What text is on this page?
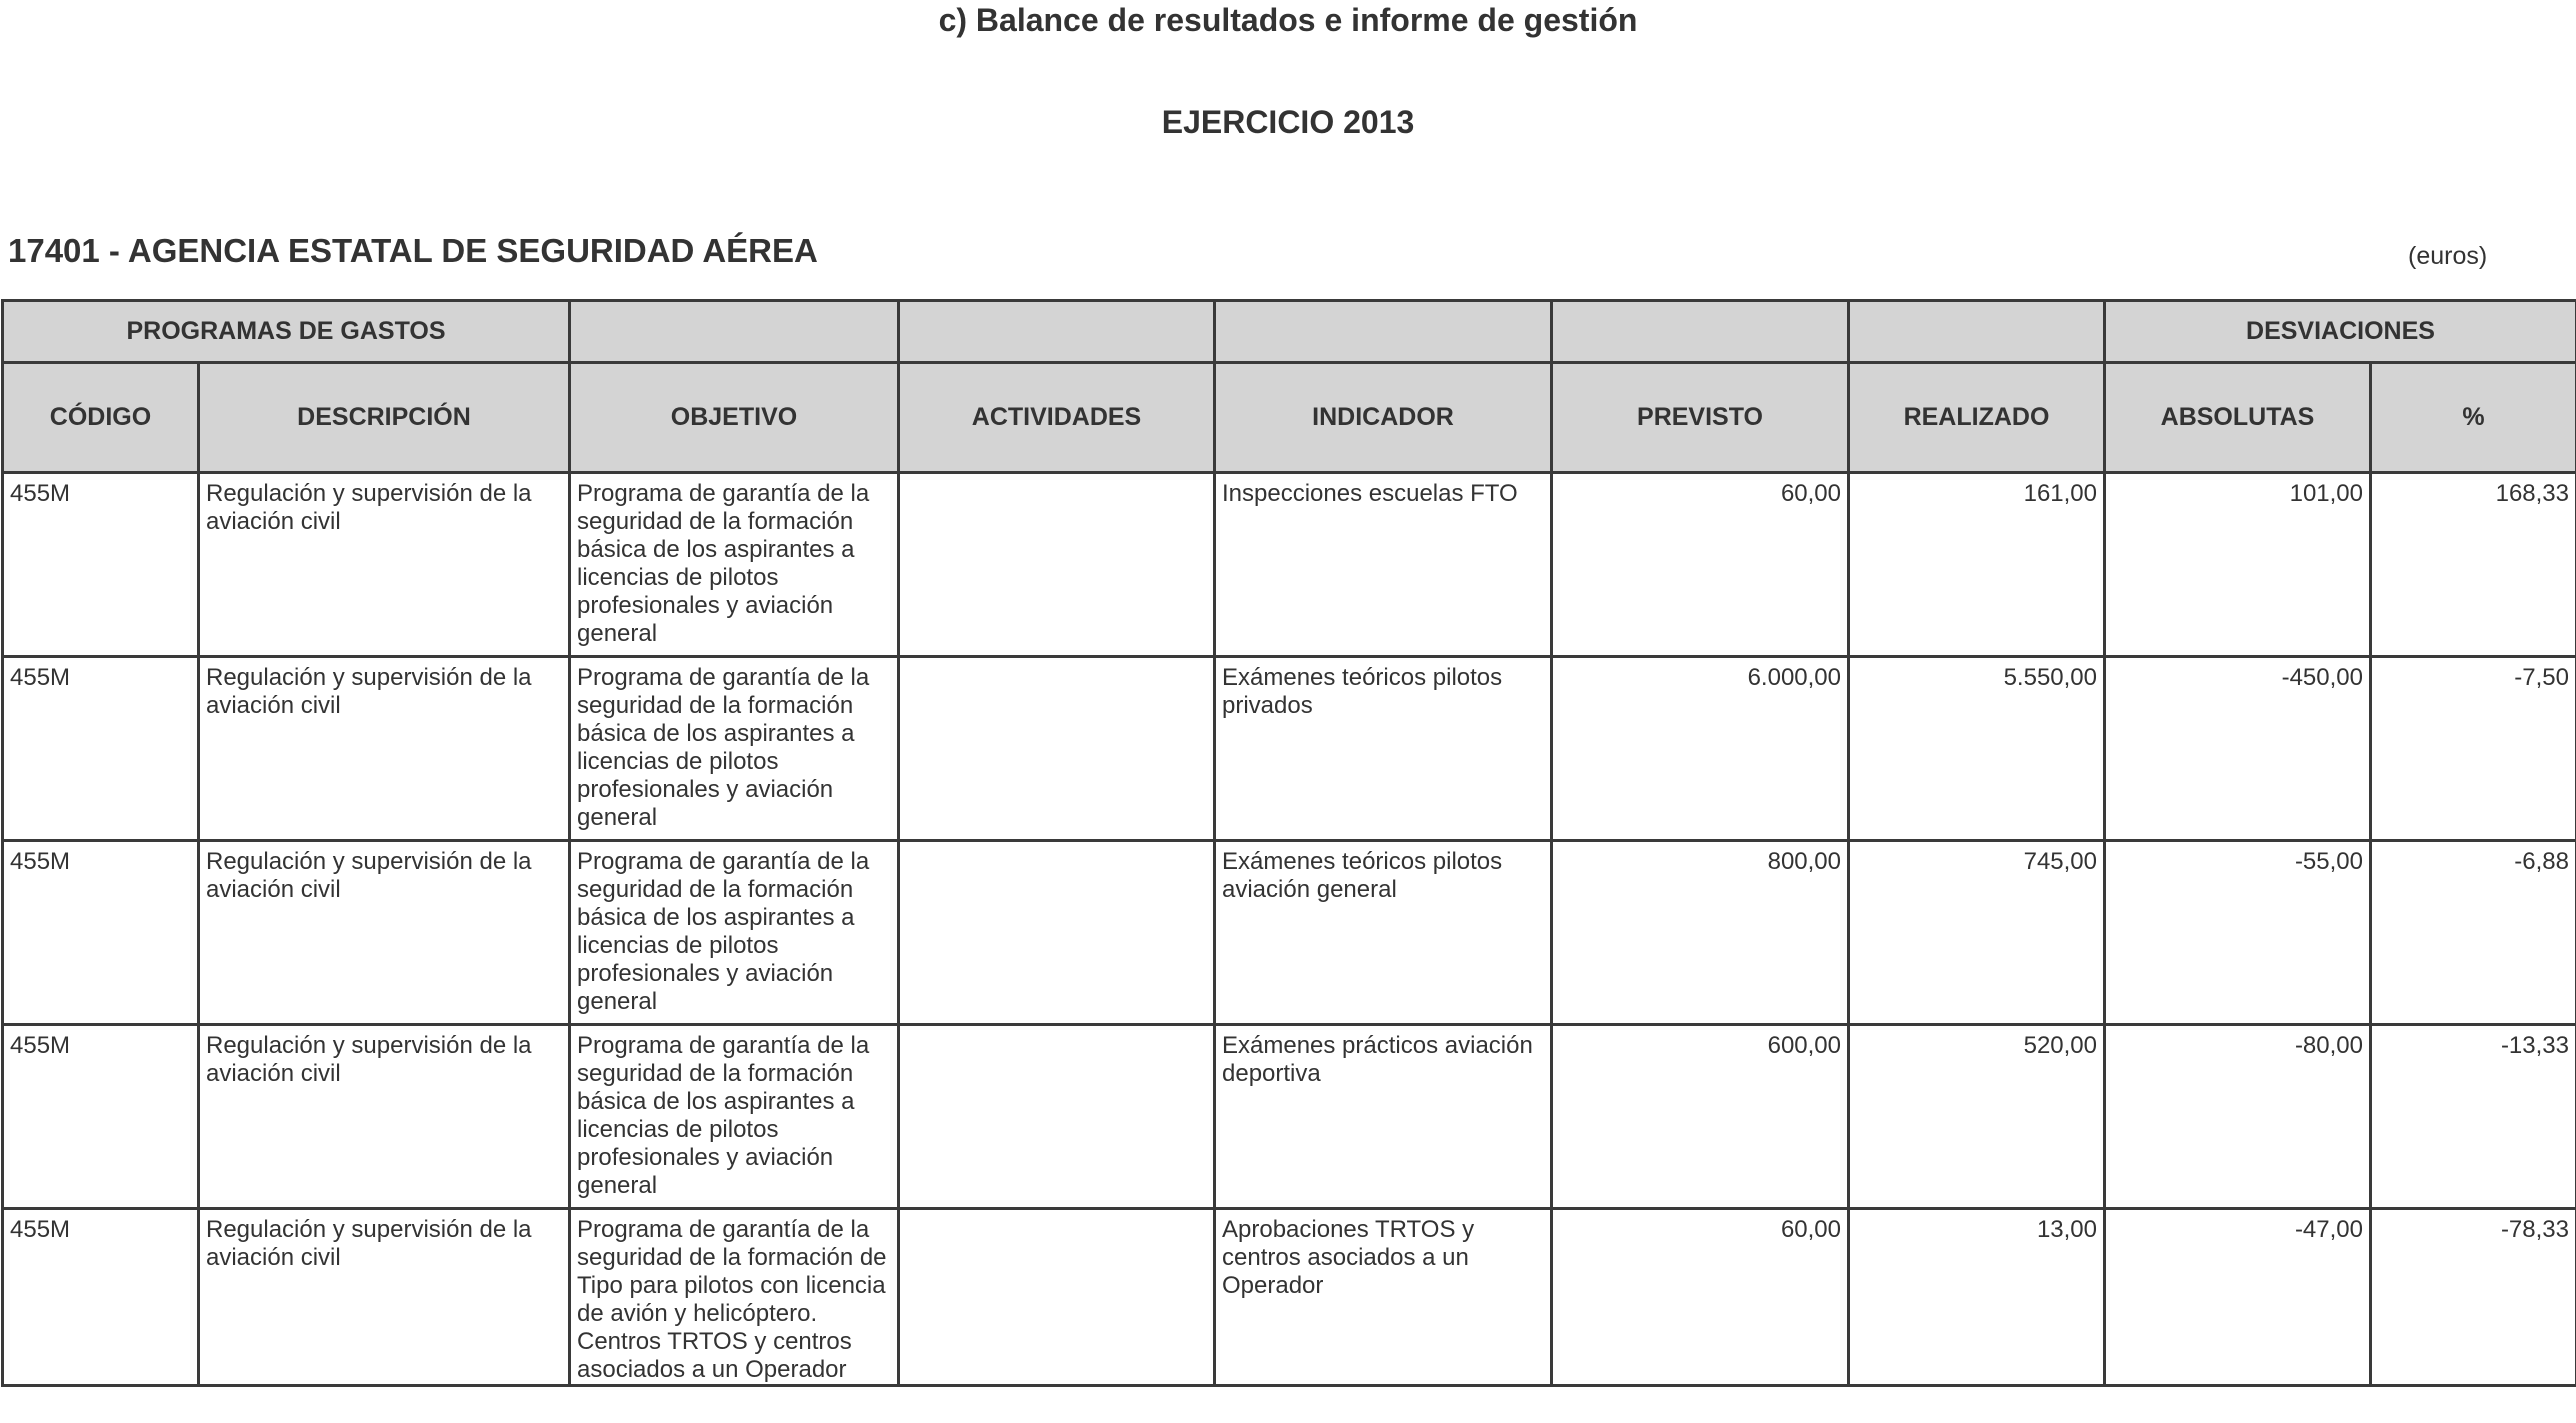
c) Balance de resultados e informe de gestión
EJERCICIO 2013
17401 - AGENCIA ESTATAL DE SEGURIDAD AÉREA	(euros)
PROGRAMAS DE GASTOS							DESVIACIONES	
CÓDIGO	DESCRIPCIÓN	OBJETIVO	ACTIVIDADES	INDICADOR	PREVISTO	REALIZADO	ABSOLUTAS	%
455M	Regulación y supervisión de la aviación civil	Programa de garantía de la seguridad de la formación básica de los aspirantes a licencias de pilotos profesionales y aviación general		Inspecciones escuelas FTO	60,00	161,00	101,00	168,33
455M	Regulación y supervisión de la aviación civil	Programa de garantía de la seguridad de la formación básica de los aspirantes a licencias de pilotos profesionales y aviación general		Exámenes teóricos pilotos privados	6.000,00	5.550,00	-450,00	-7,50
455M	Regulación y supervisión de la aviación civil	Programa de garantía de la seguridad de la formación básica de los aspirantes a licencias de pilotos profesionales y aviación general		Exámenes teóricos pilotos aviación general	800,00	745,00	-55,00	-6,88
455M	Regulación y supervisión de la aviación civil	Programa de garantía de la seguridad de la formación básica de los aspirantes a licencias de pilotos profesionales y aviación general		Exámenes prácticos aviación deportiva	600,00	520,00	-80,00	-13,33
455M	Regulación y supervisión de la aviación civil	Programa de garantía de la seguridad de la formación de Tipo para pilotos con licencia de avión y helicóptero. Centros TRTOS y centros asociados a un Operador		Aprobaciones TRTOS y centros asociados a un Operador	60,00	13,00	-47,00	-78,33
